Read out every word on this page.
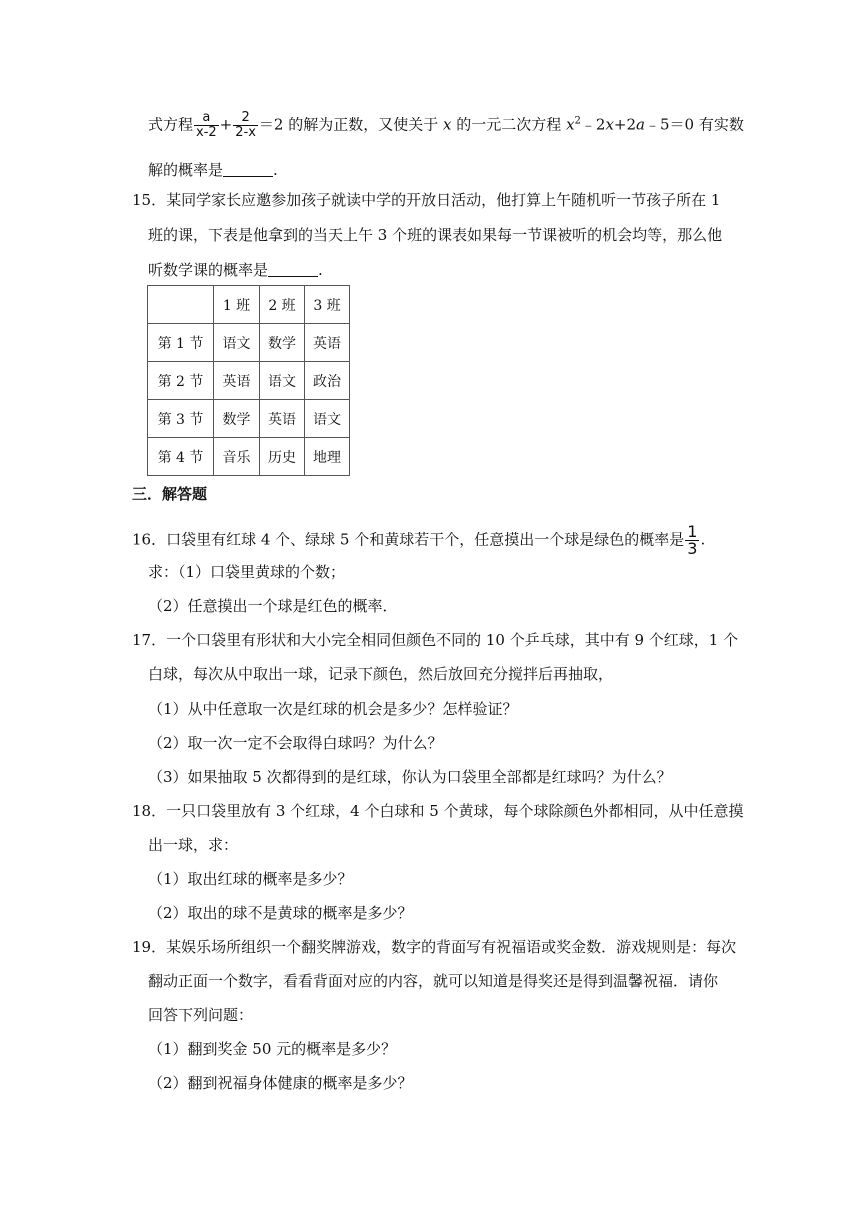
式方程 $\frac{a}{x-2} + \frac{2}{2-x} =2$ 的解为正数，又使关于 x 的一元二次方程 $x^2﹣2x+2a﹣5=0$ 有实数
解的概率是	.
15．某同学家长应邀参加孩子就读中学的开放日活动，他打算上午随机听一节孩子所在 1
班的课，下表是他拿到的当天上午 3 个班的课表如果每一节课被听的机会均等，那么他
听数学课的概率是	.
	1 班	2 班	3 班
第 1 节	语文	数学	英语
第 2 节	英语	语文	政治
第 3 节	数学	英语	语文
第 4 节	音乐	历史	地理
三．解答题
16．口袋里有红球 4 个、绿球 5 个和黄球若干个，任意摸出一个球是绿色的概率是 $\frac{1}{3}$ .
求：（1）口袋里黄球的个数；
（2）任意摸出一个球是红色的概率．
17．一个口袋里有形状和大小完全相同但颜色不同的 10 个乒乓球，其中有 9 个红球，1 个
白球，每次从中取出一球，记录下颜色，然后放回充分搅拌后再抽取，
（1）从中任意取一次是红球的机会是多少？怎样验证？
（2）取一次一定不会取得白球吗？为什么？
（3）如果抽取 5 次都得到的是红球，你认为口袋里全部都是红球吗？为什么？
18．一只口袋里放有 3 个红球，4 个白球和 5 个黄球，每个球除颜色外都相同，从中任意摸
出一球，求：
（1）取出红球的概率是多少？
（2）取出的球不是黄球的概率是多少？
19．某娱乐场所组织一个翻奖牌游戏，数字的背面写有祝福语或奖金数．游戏规则是：每次
翻动正面一个数字，看看背面对应的内容，就可以知道是得奖还是得到温馨祝福．请你
回答下列问题：
（1）翻到奖金 50 元的概率是多少？
（2）翻到祝福身体健康的概率是多少？
